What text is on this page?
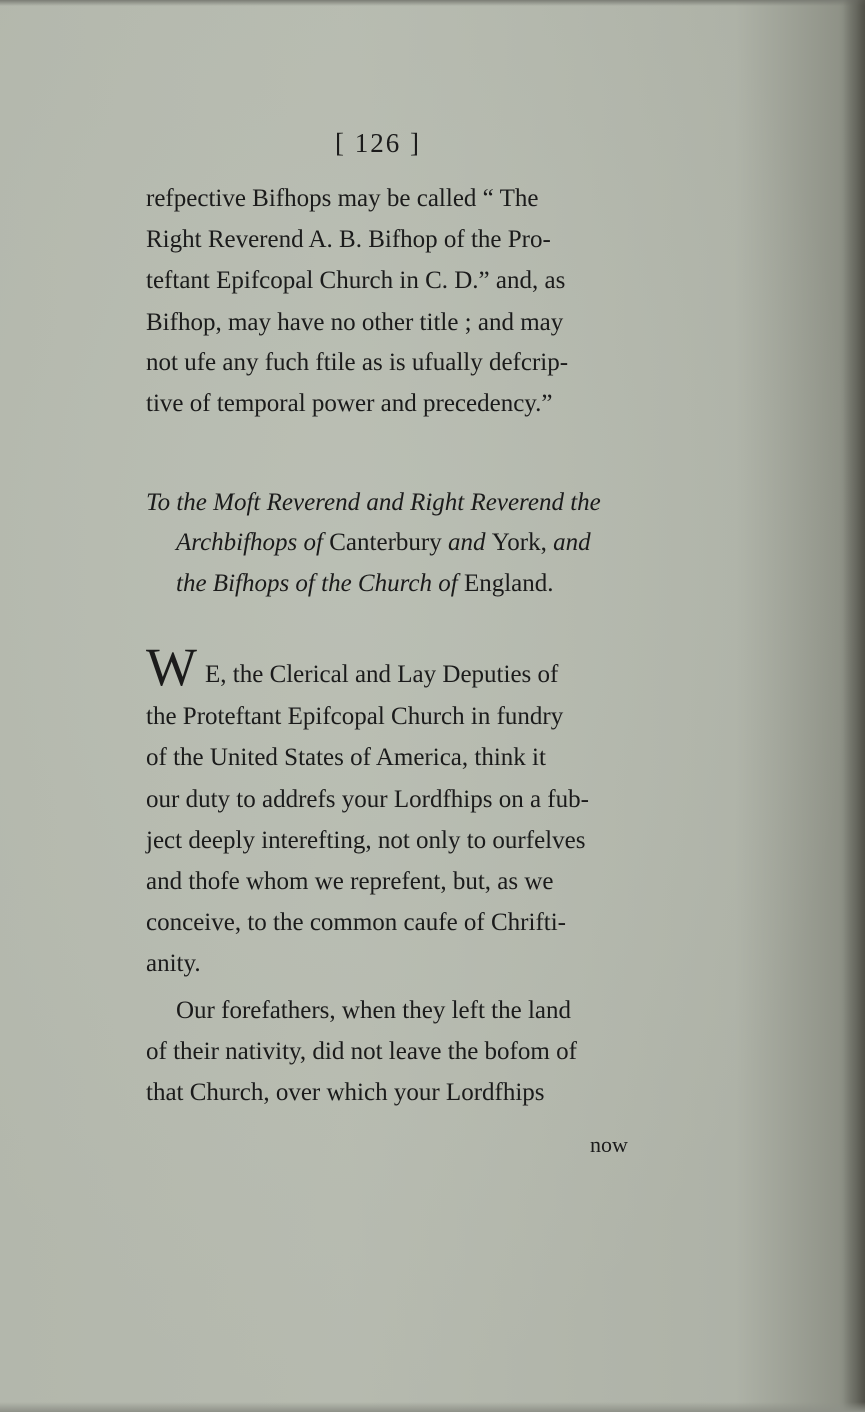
[ 126 ]
refpective Bifhops may be called “ The
Right Reverend A. B. Bifhop of the Pro-
teftant Epifcopal Church in C. D.” and, as
Bifhop, may have no other title ; and may
not ufe any fuch ftile as is ufually defcrip-
tive of temporal power and precedency.”
To the Moft Reverend and Right Reverend the
Archbifhops of Canterbury and York, and
the Bifhops of the Church of England.
W E, the Clerical and Lay Deputies of
the Proteftant Epifcopal Church in fundry
of the United States of America, think it
our duty to addrefs your Lordfhips on a fub-
ject deeply interefting, not only to ourfelves
and thofe whom we reprefent, but, as we
conceive, to the common caufe of Chrifti-
anity.
Our forefathers, when they left the land
of their nativity, did not leave the bofom of
that Church, over which your Lordfhips
now
